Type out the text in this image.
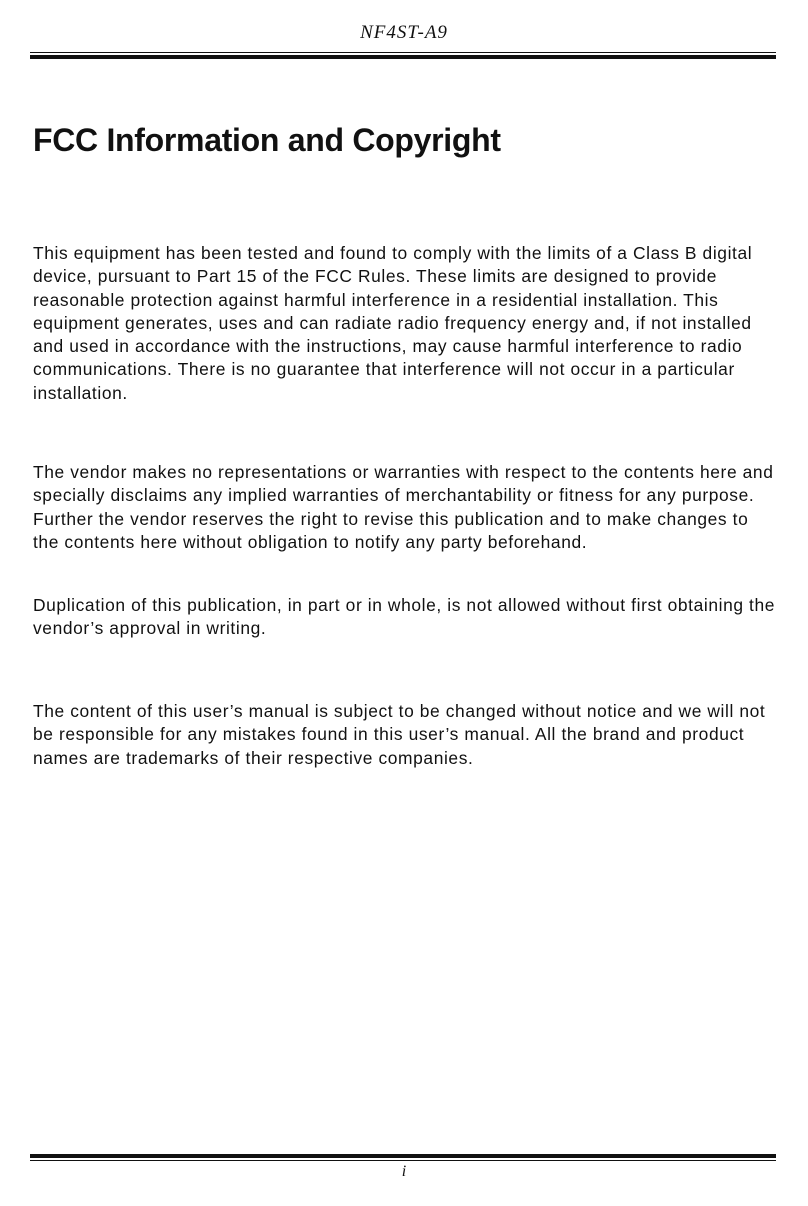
NF4ST-A9
FCC Information and Copyright

This equipment has been tested and found to comply with the limits of a Class B digital device, pursuant to Part 15 of the FCC Rules. These limits are designed to provide reasonable protection against harmful interference in a residential installation. This equipment generates, uses and can radiate radio frequency energy and, if not installed and used in accordance with the instructions, may cause harmful interference to radio communications. There is no guarantee that interference will not occur in a particular installation.

The vendor makes no representations or warranties with respect to the contents here and specially disclaims any implied warranties of merchantability or fitness for any purpose. Further the vendor reserves the right to revise this publication and to make changes to the contents here without obligation to notify any party beforehand.

Duplication of this publication, in part or in whole, is not allowed without first obtaining the vendor’s approval in writing.

The content of this user’s manual is subject to be changed without notice and we will not be responsible for any mistakes found in this user’s manual. All the brand and product names are trademarks of their respective companies.

i
